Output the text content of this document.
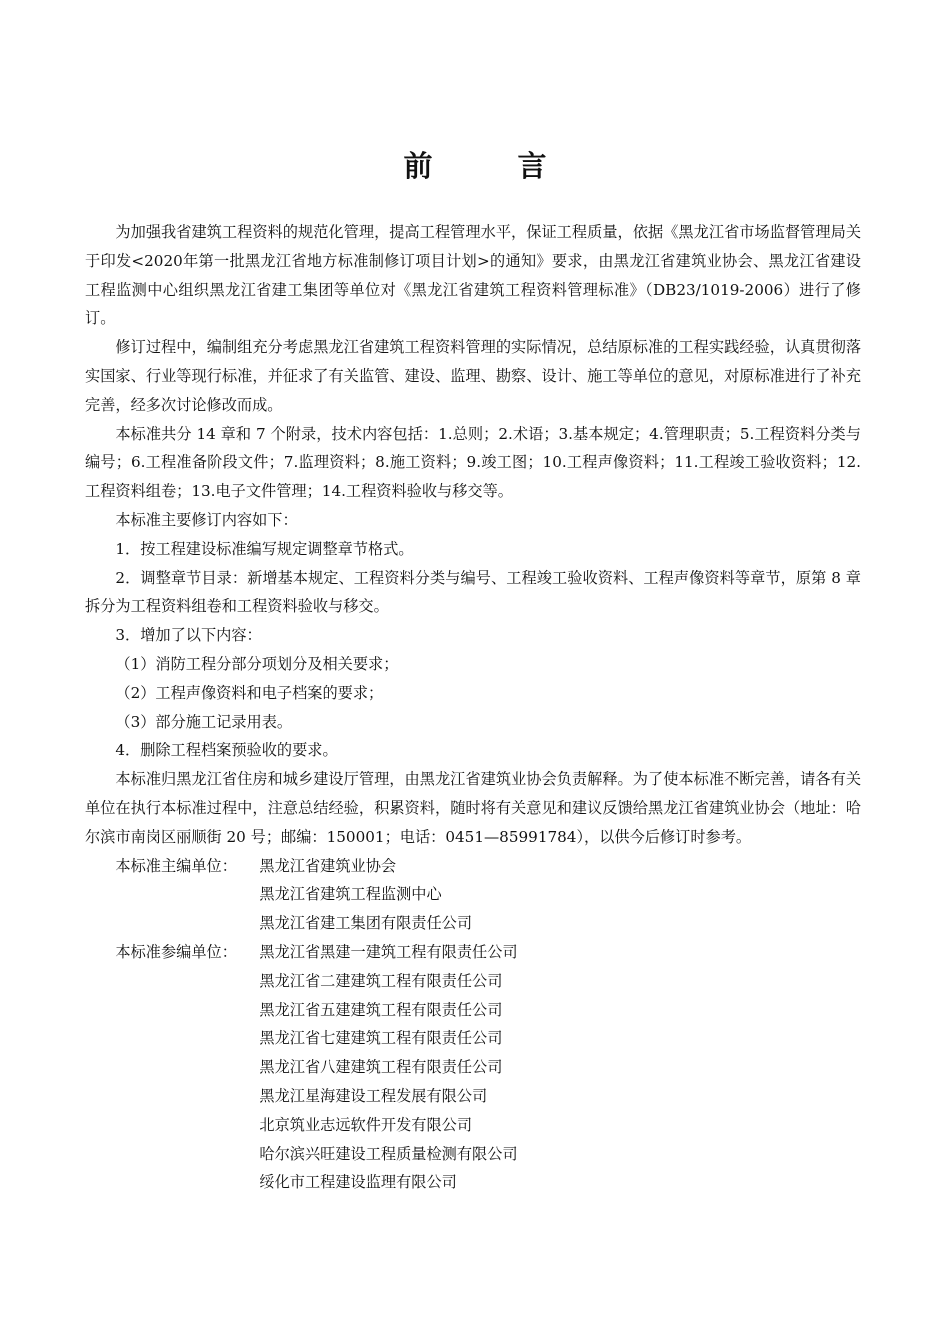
前　言

为加强我省建筑工程资料的规范化管理，提高工程管理水平，保证工程质量，依据《黑龙江省市场监督管理局关于印发<2020年第一批黑龙江省地方标准制修订项目计划>的通知》要求，由黑龙江省建筑业协会、黑龙江省建设工程监测中心组织黑龙江省建工集团等单位对《黑龙江省建筑工程资料管理标准》（DB23/1019-2006）进行了修订。

修订过程中，编制组充分考虑黑龙江省建筑工程资料管理的实际情况，总结原标准的工程实践经验，认真贯彻落实国家、行业等现行标准，并征求了有关监管、建设、监理、勘察、设计、施工等单位的意见，对原标准进行了补充完善，经多次讨论修改而成。

本标准共分 14 章和 7 个附录，技术内容包括：1.总则；2.术语；3.基本规定；4.管理职责；5.工程资料分类与编号；6.工程准备阶段文件；7.监理资料；8.施工资料；9.竣工图；10.工程声像资料；11.工程竣工验收资料；12.工程资料组卷；13.电子文件管理；14.工程资料验收与移交等。

本标准主要修订内容如下：

1．按工程建设标准编写规定调整章节格式。

2．调整章节目录：新增基本规定、工程资料分类与编号、工程竣工验收资料、工程声像资料等章节，原第 8 章拆分为工程资料组卷和工程资料验收与移交。

3．增加了以下内容：

（1）消防工程分部分项划分及相关要求；

（2）工程声像资料和电子档案的要求；

（3）部分施工记录用表。

4．删除工程档案预验收的要求。

本标准归黑龙江省住房和城乡建设厅管理，由黑龙江省建筑业协会负责解释。为了使本标准不断完善，请各有关单位在执行本标准过程中，注意总结经验，积累资料，随时将有关意见和建议反馈给黑龙江省建筑业协会（地址：哈尔滨市南岗区丽顺街 20 号；邮编：150001；电话：0451—85991784），以供今后修订时参考。

本标准主编单位：	黑龙江省建筑业协会
黑龙江省建筑工程监测中心
黑龙江省建工集团有限责任公司
本标准参编单位：	黑龙江省黑建一建筑工程有限责任公司
黑龙江省二建建筑工程有限责任公司
黑龙江省五建建筑工程有限责任公司
黑龙江省七建建筑工程有限责任公司
黑龙江省八建建筑工程有限责任公司
黑龙江星海建设工程发展有限公司
北京筑业志远软件开发有限公司
哈尔滨兴旺建设工程质量检测有限公司
绥化市工程建设监理有限公司
